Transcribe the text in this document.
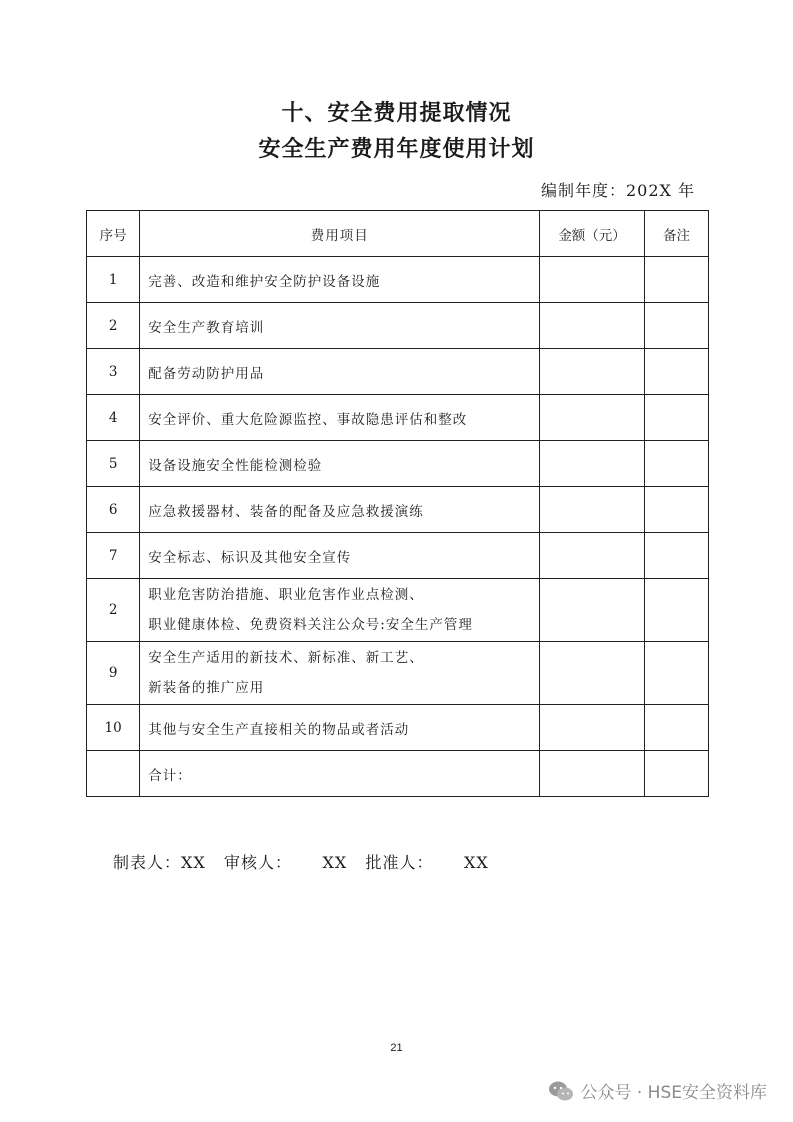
十、安全费用提取情况
安全生产费用年度使用计划
编制年度：202X 年
序号	费用项目	金额（元）	备注
1	完善、改造和维护安全防护设备设施		
2	安全生产教育培训		
3	配备劳动防护用品		
4	安全评价、重大危险源监控、事故隐患评估和整改		
5	设备设施安全性能检测检验		
6	应急救援器材、装备的配备及应急救援演练		
7	安全标志、标识及其他安全宣传		
2	职业危害防治措施、职业危害作业点检测、
职业健康体检、免费资料关注公众号:安全生产管理		

9	安全生产适用的新技术、新标准、新工艺、
新装备的推广应用		

10	其他与安全生产直接相关的物品或者活动		
	合计：		
制表人：XX   审核人：     XX   批准人：     XX
21
公众号 · HSE安全资料库
